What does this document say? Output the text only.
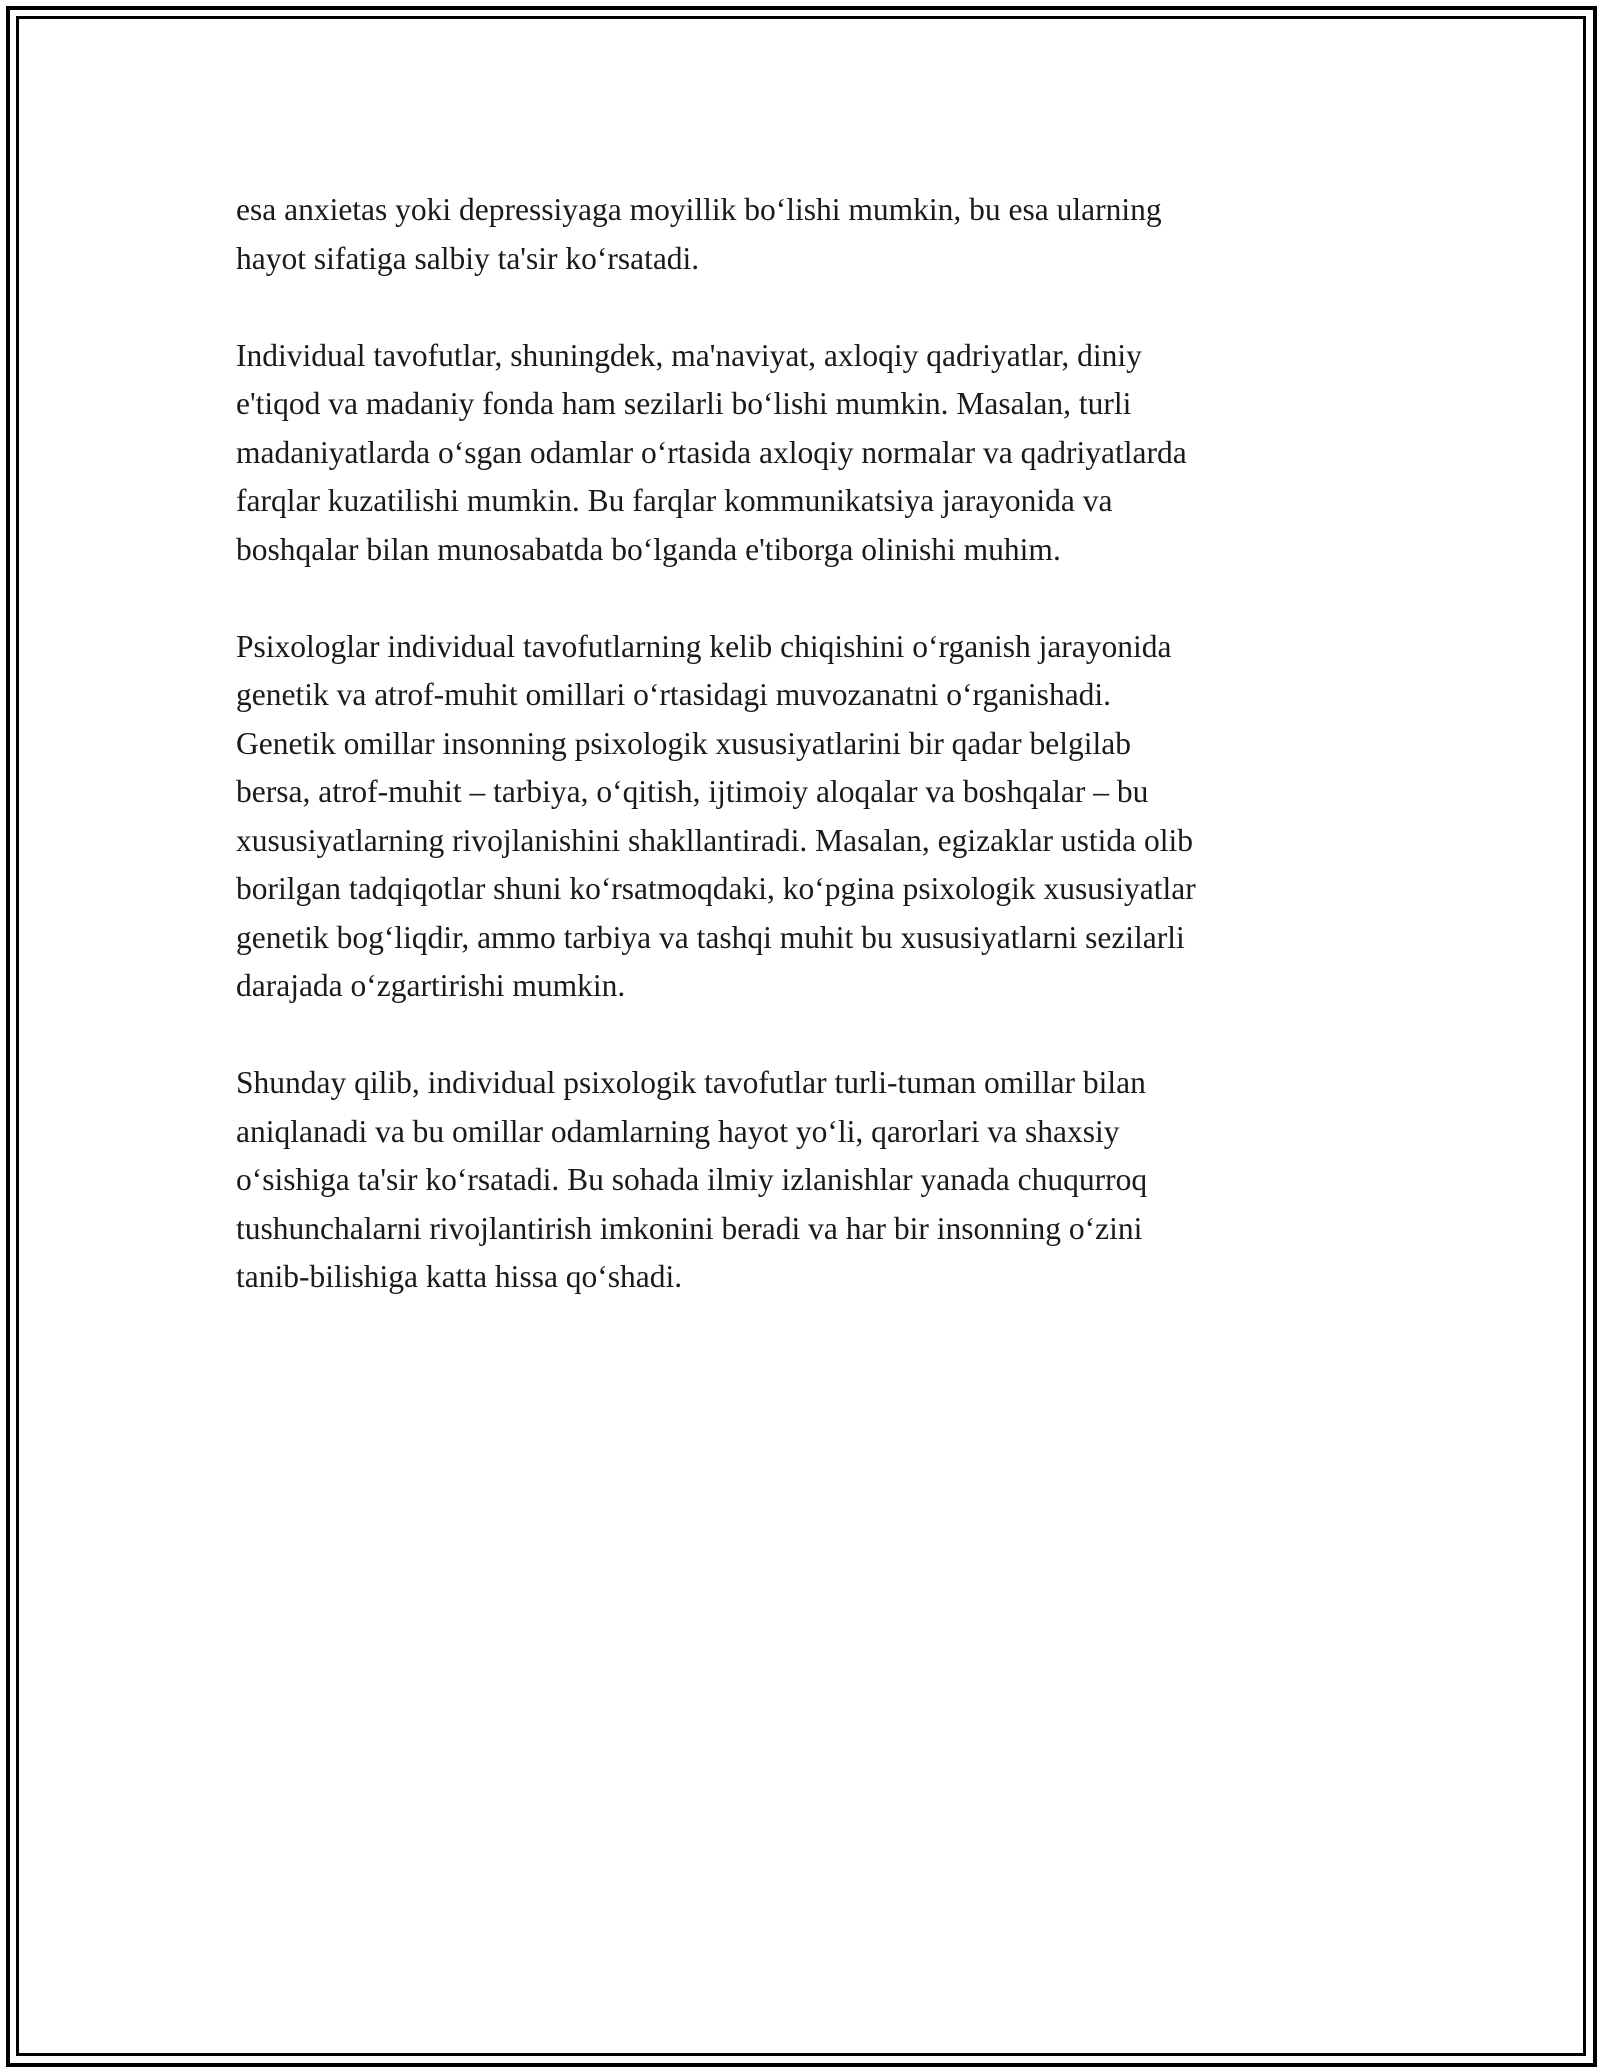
esa anxietas yoki depressiyaga moyillik bo‘lishi mumkin, bu esa ularning
hayot sifatiga salbiy ta'sir ko‘rsatadi.

Individual tavofutlar, shuningdek, ma'naviyat, axloqiy qadriyatlar, diniy
e'tiqod va madaniy fonda ham sezilarli bo‘lishi mumkin. Masalan, turli
madaniyatlarda o‘sgan odamlar o‘rtasida axloqiy normalar va qadriyatlarda
farqlar kuzatilishi mumkin. Bu farqlar kommunikatsiya jarayonida va
boshqalar bilan munosabatda bo‘lganda e'tiborga olinishi muhim.

Psixologlar individual tavofutlarning kelib chiqishini o‘rganish jarayonida
genetik va atrof-muhit omillari o‘rtasidagi muvozanatni o‘rganishadi.
Genetik omillar insonning psixologik xususiyatlarini bir qadar belgilab
bersa, atrof-muhit – tarbiya, o‘qitish, ijtimoiy aloqalar va boshqalar – bu
xususiyatlarning rivojlanishini shakllantiradi. Masalan, egizaklar ustida olib
borilgan tadqiqotlar shuni ko‘rsatmoqdaki, ko‘pgina psixologik xususiyatlar
genetik bog‘liqdir, ammo tarbiya va tashqi muhit bu xususiyatlarni sezilarli
darajada o‘zgartirishi mumkin.

Shunday qilib, individual psixologik tavofutlar turli-tuman omillar bilan
aniqlanadi va bu omillar odamlarning hayot yo‘li, qarorlari va shaxsiy
o‘sishiga ta'sir ko‘rsatadi. Bu sohada ilmiy izlanishlar yanada chuqurroq
tushunchalarni rivojlantirish imkonini beradi va har bir insonning o‘zini
tanib-bilishiga katta hissa qo‘shadi.
